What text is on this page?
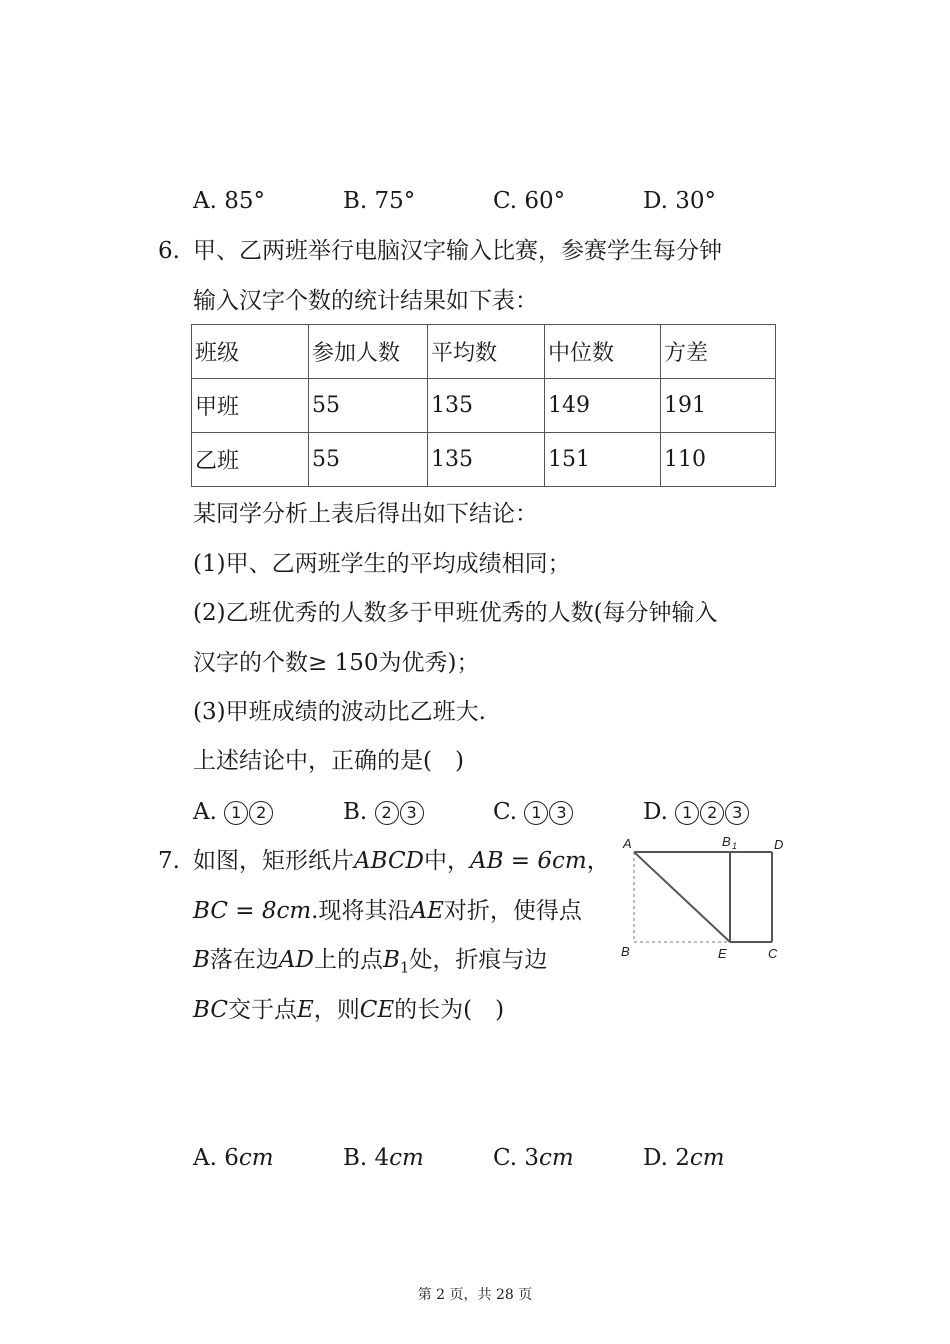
A. 85°	B. 75°	C. 60°	D. 30°
6. 甲、乙两班举行电脑汉字输入比赛，参赛学生每分钟
输入汉字个数的统计结果如下表：
班级	参加人数	平均数	中位数	方差
甲班	55	135	149	191
乙班	55	135	151	110
某同学分析上表后得出如下结论：
(1)甲、乙两班学生的平均成绩相同；
(2)乙班优秀的人数多于甲班优秀的人数(每分钟输入
汉字的个数≥ 150为优秀)；
(3)甲班成绩的波动比乙班大.
上述结论中，正确的是(　)
A. 1 2	B. 2 3	C. 1 3	D. 1 2 3
7. 如图，矩形纸片ABCD中，AB = 6cm，
BC = 8cm.现将其沿AE对折，使得点
B落在边AD上的点$B_1$处，折痕与边
BC交于点E，则CE的长为(　)
A	B 1	D
B	E	C
A. 6cm	B. 4cm	C. 3cm	D. 2cm
第 2 页，共 28 页
